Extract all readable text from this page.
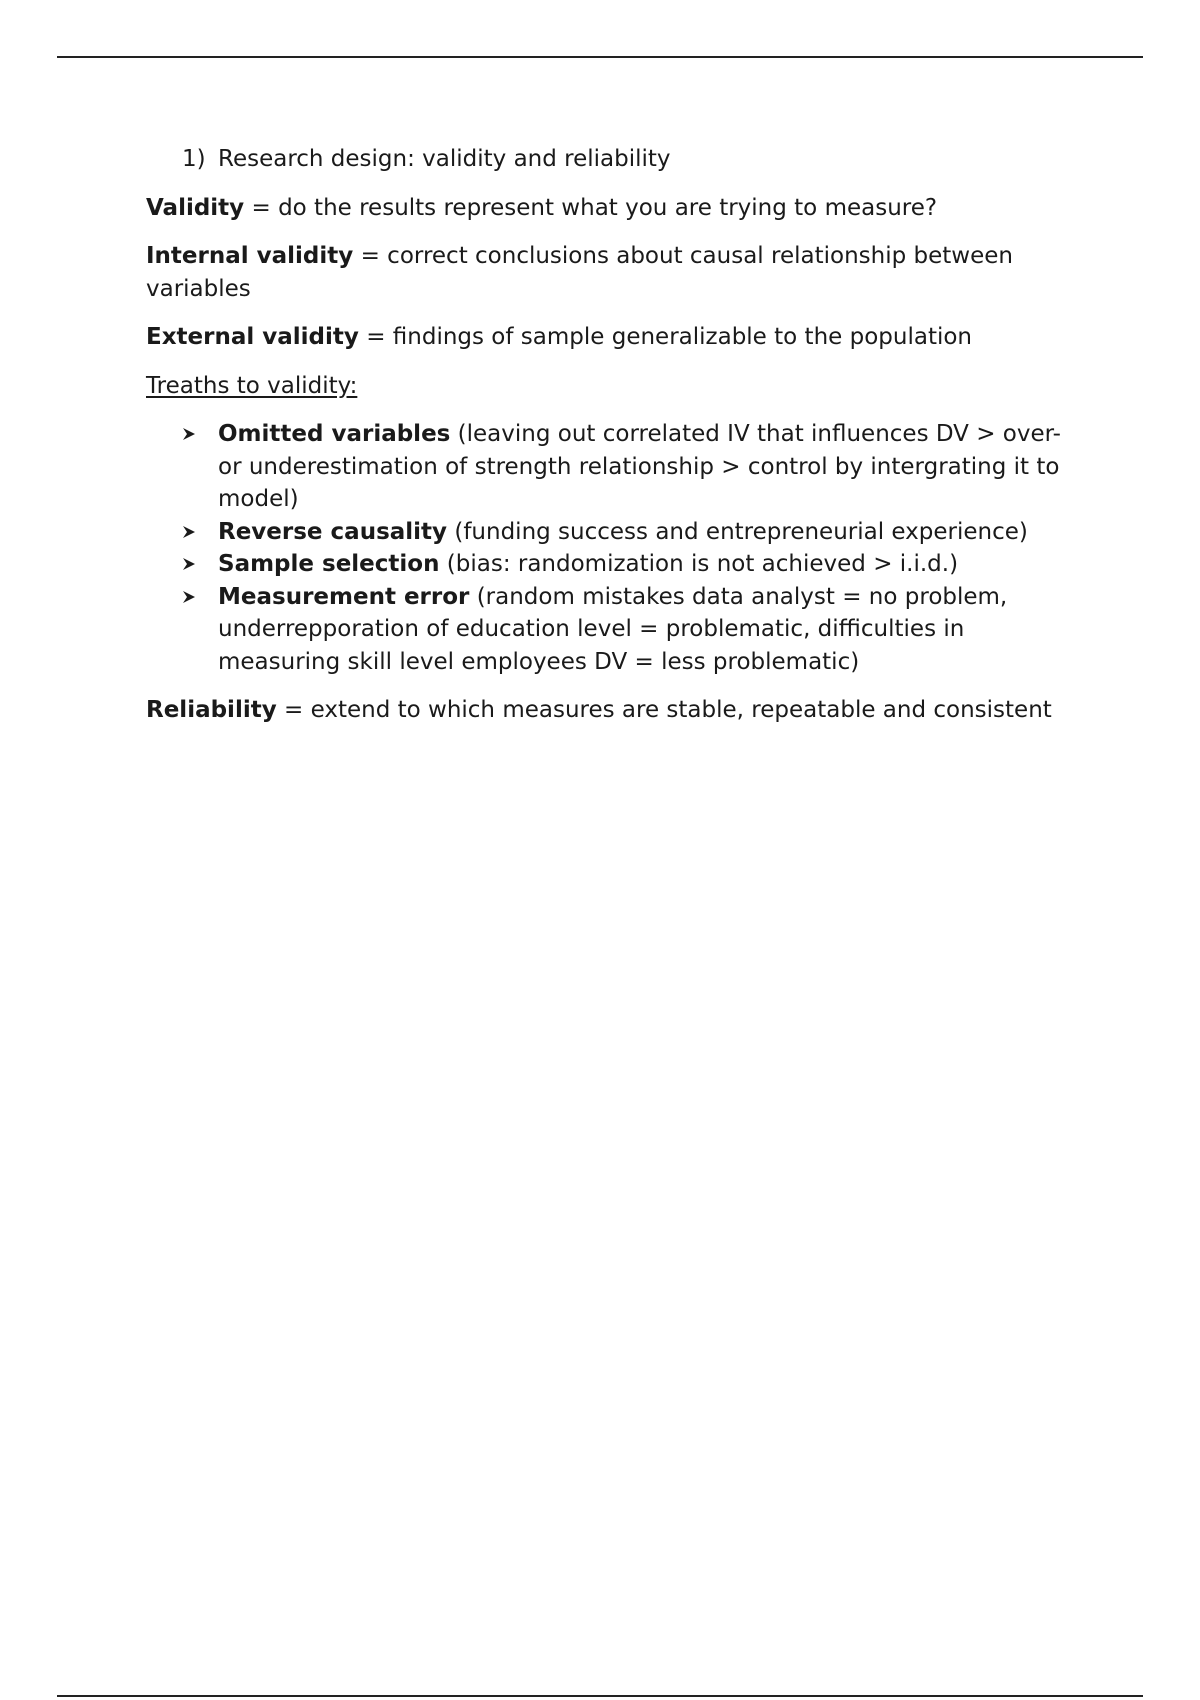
1) Research design: validity and reliability

Validity = do the results represent what you are trying to measure?

Internal validity = correct conclusions about causal relationship between variables

External validity = findings of sample generalizable to the population

Treaths to validity:

Omitted variables (leaving out correlated IV that influences DV > over- or underestimation of strength relationship > control by intergrating it to model)
Reverse causality (funding success and entrepreneurial experience)
Sample selection (bias: randomization is not achieved > i.i.d.)
Measurement error (random mistakes data analyst = no problem, underrepporation of education level = problematic, difficulties in measuring skill level employees DV = less problematic)

Reliability = extend to which measures are stable, repeatable and consistent
